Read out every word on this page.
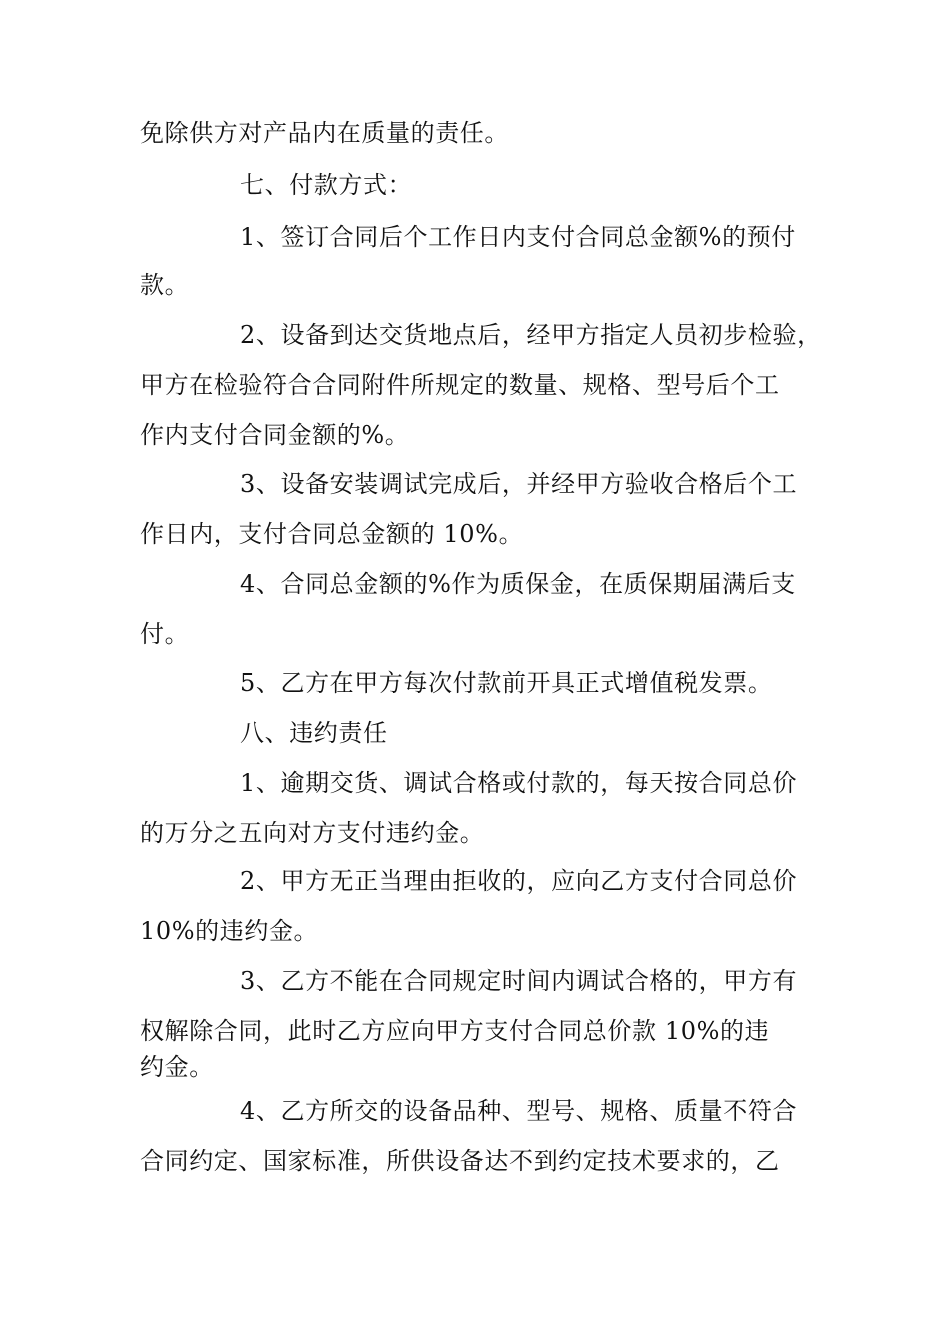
免除供方对产品内在质量的责任。
七、付款方式：
1、签订合同后个工作日内支付合同总金额%的预付
款。
2、设备到达交货地点后，经甲方指定人员初步检验，
甲方在检验符合合同附件所规定的数量、规格、型号后个工
作内支付合同金额的%。
3、设备安装调试完成后，并经甲方验收合格后个工
作日内，支付合同总金额的 10%。
4、合同总金额的%作为质保金，在质保期届满后支
付。
5、乙方在甲方每次付款前开具正式增值税发票。
八、违约责任
1、逾期交货、调试合格或付款的，每天按合同总价
的万分之五向对方支付违约金。
2、甲方无正当理由拒收的，应向乙方支付合同总价
10%的违约金。
3、乙方不能在合同规定时间内调试合格的，甲方有
权解除合同，此时乙方应向甲方支付合同总价款 10%的违
约金。
4、乙方所交的设备品种、型号、规格、质量不符合
合同约定、国家标准，所供设备达不到约定技术要求的，乙
